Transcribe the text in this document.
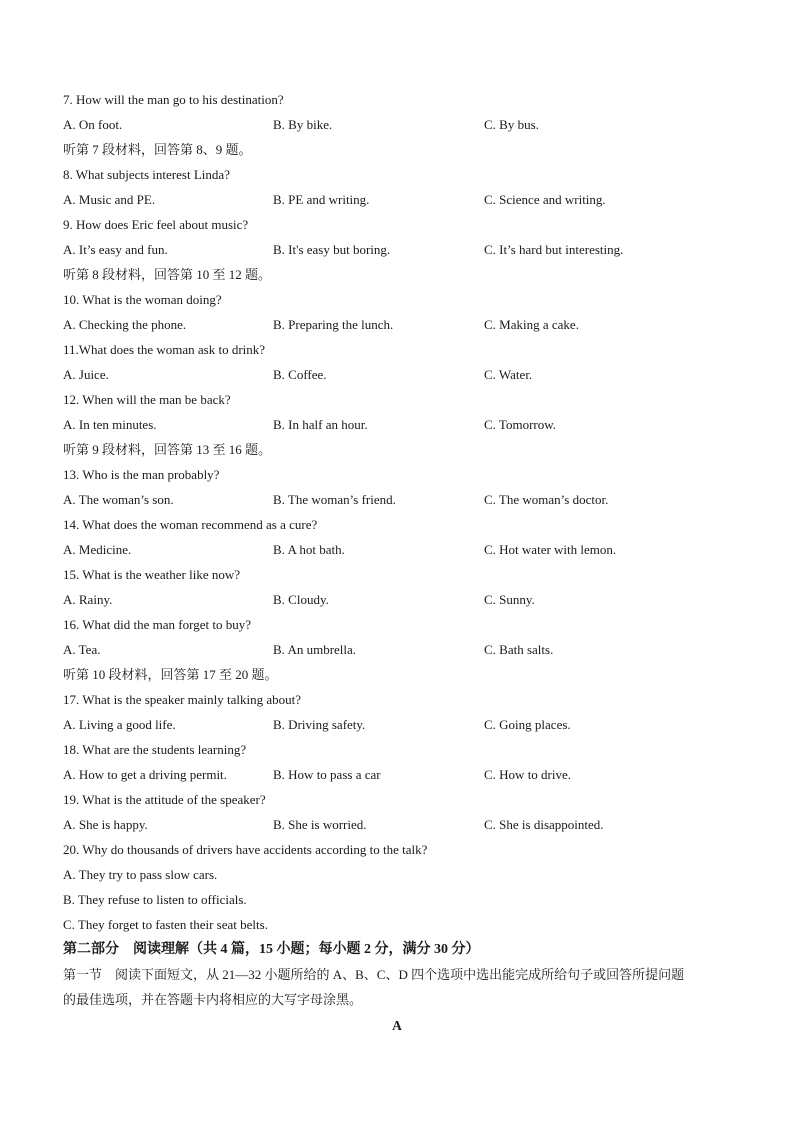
7. How will the man go to his destination?
A. On foot.	B. By bike.	C. By bus.
听第 7 段材料，回答第 8、9 题。
8. What subjects interest Linda?
A. Music and PE.	B. PE and writing.	C. Science and writing.
9. How does Eric feel about music?
A. It’s easy and fun.	B. It's easy but boring.	C. It’s hard but interesting.
听第 8 段材料，回答第 10 至 12 题。
10. What is the woman doing?
A. Checking the phone.	B. Preparing the lunch.	C. Making a cake.
11.What does the woman ask to drink?
A. Juice.	B. Coffee.	C. Water.
12. When will the man be back?
A. In ten minutes.	B. In half an hour.	C. Tomorrow.
听第 9 段材料，回答第 13 至 16 题。
13. Who is the man probably?
A. The woman’s son.	B. The woman’s friend.	C. The woman’s doctor.
14. What does the woman recommend as a cure?
A. Medicine.	B. A hot bath.	C. Hot water with lemon.
15. What is the weather like now?
A. Rainy.	B. Cloudy.	C. Sunny.
16. What did the man forget to buy?
A. Tea.	B. An umbrella.	C. Bath salts.
听第 10 段材料，回答第 17 至 20 题。
17. What is the speaker mainly talking about?
A. Living a good life.	B. Driving safety.	C. Going places.
18. What are the students learning?
A. How to get a driving permit.	B. How to pass a car	C. How to drive.
19. What is the attitude of the speaker?
A. She is happy.	B. She is worried.	C. She is disappointed.
20. Why do thousands of drivers have accidents according to the talk?
A. They try to pass slow cars.
B. They refuse to listen to officials.
C. They forget to fasten their seat belts.
第二部分　阅读理解（共 4 篇，15 小题；每小题 2 分，满分 30 分）
第一节　阅读下面短文，从 21—32 小题所给的 A、B、C、D 四个选项中选出能完成所给句子或回答所提问题
的最佳选项，并在答题卡内将相应的大写字母涂黑。
A
